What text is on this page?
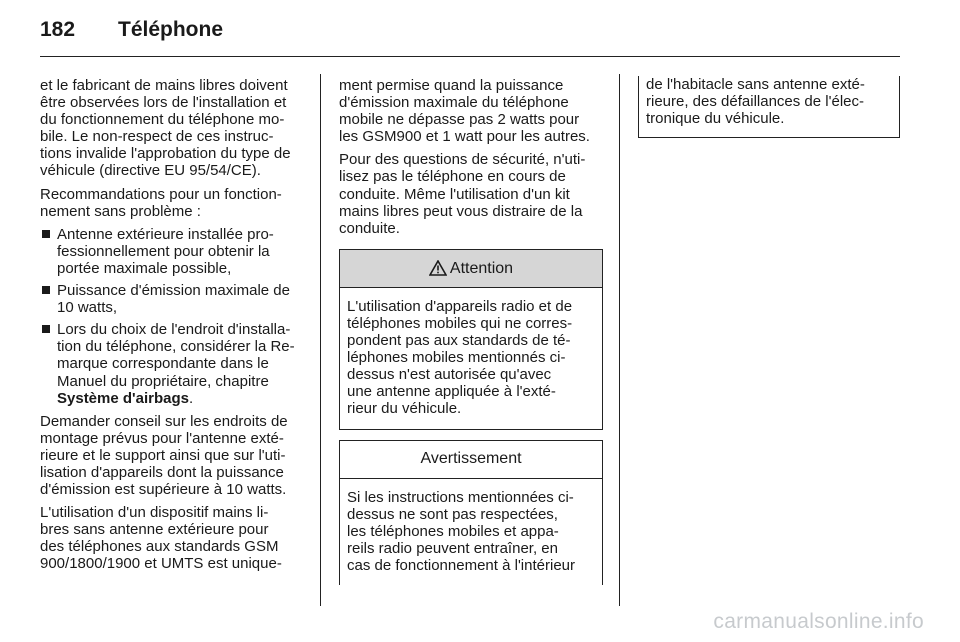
182 Téléphone

et le fabricant de mains libres doivent
être observées lors de l'installation et
du fonctionnement du téléphone mo-
bile. Le non-respect de ces instruc-
tions invalide l'approbation du type de
véhicule (directive EU 95/54/CE).

Recommandations pour un fonction-
nement sans problème :

Antenne extérieure installée pro-
fessionnellement pour obtenir la
portée maximale possible,
Puissance d'émission maximale de
10 watts,
Lors du choix de l'endroit d'installa-
tion du téléphone, considérer la Re-
marque correspondante dans le
Manuel du propriétaire, chapitre
Système d'airbags.

Demander conseil sur les endroits de
montage prévus pour l'antenne exté-
rieure et le support ainsi que sur l'uti-
lisation d'appareils dont la puissance
d'émission est supérieure à 10 watts.

L'utilisation d'un dispositif mains li-
bres sans antenne extérieure pour
des téléphones aux standards GSM
900/1800/1900 et UMTS est unique-

ment permise quand la puissance
d'émission maximale du téléphone
mobile ne dépasse pas 2 watts pour
les GSM900 et 1 watt pour les autres.

Pour des questions de sécurité, n'uti-
lisez pas le téléphone en cours de
conduite. Même l'utilisation d'un kit
mains libres peut vous distraire de la
conduite.

Attention
L'utilisation d'appareils radio et de
téléphones mobiles qui ne corres-
pondent pas aux standards de té-
léphones mobiles mentionnés ci-
dessus n'est autorisée qu'avec
une antenne appliquée à l'exté-
rieur du véhicule.
Avertissement
Si les instructions mentionnées ci-
dessus ne sont pas respectées,
les téléphones mobiles et appa-
reils radio peuvent entraîner, en
cas de fonctionnement à l'intérieur
de l'habitacle sans antenne exté-
rieure, des défaillances de l'élec-
tronique du véhicule.
carmanualsonline.info
